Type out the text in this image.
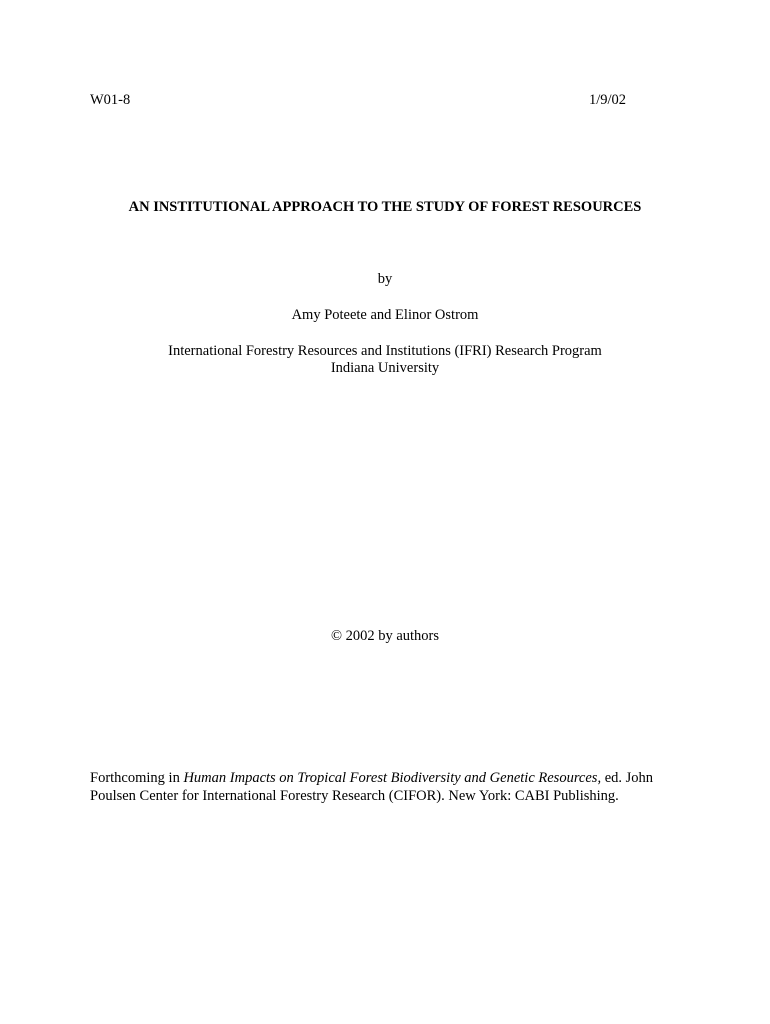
W01-8	1/9/02
AN INSTITUTIONAL APPROACH TO THE STUDY OF FOREST RESOURCES
by
Amy Poteete and Elinor Ostrom
International Forestry Resources and Institutions (IFRI) Research Program
Indiana University
© 2002 by authors
Forthcoming in Human Impacts on Tropical Forest Biodiversity and Genetic Resources, ed. John
Poulsen Center for International Forestry Research (CIFOR). New York: CABI Publishing.
